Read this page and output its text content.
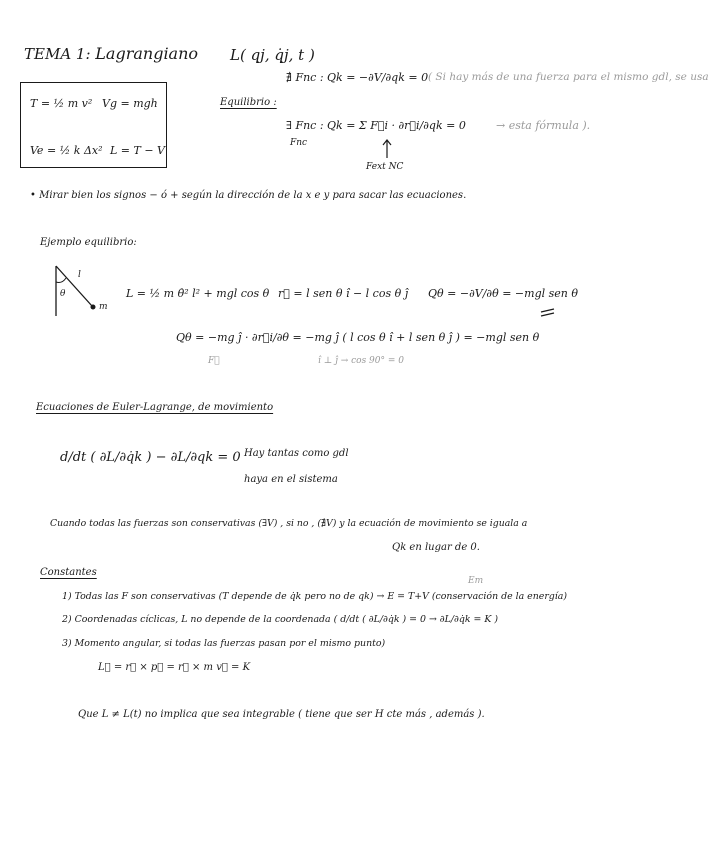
TEMA 1: Lagrangiano L( qj, q̇j, t )
T = ½ m v² Vg = mgh
Ve = ½ k Δx² L = T − V
Equilibrio :
∄ Fnc : Qk = −∂V/∂qk = 0 ( Si hay más de una fuerza para el mismo gdl, se usa
→ esta fórmula ).
∃ Fnc : Qk = Σ F⃗i · ∂r⃗i/∂qk = 0
Fnc
Fext NC
• Mirar bien los signos − ó + según la dirección de la x e y para sacar las ecuaciones.
Ejemplo equilibrio:
l
θ
m
L = ½ m θ̇² l² + mgl cos θ r⃗ = l sen θ î − l cos θ ĵ Qθ = −∂V/∂θ = −mgl sen θ
Qθ = −mg ĵ · ∂r⃗i/∂θ = −mg ĵ ( l cos θ î + l sen θ ĵ ) = −mgl sen θ
F⃗	î ⊥ ĵ → cos 90° = 0
Ecuaciones de Euler-Lagrange, de movimiento
d/dt ( ∂L/∂q̇k ) − ∂L/∂qk = 0 Hay tantas como gdl
haya en el sistema
Cuando todas las fuerzas son conservativas (∃V) , si no , (∄V) y la ecuación de movimiento se iguala a
Qk en lugar de 0.
Constantes
Em
1) Todas las F son conservativas (T depende de q̇k pero no de qk) → E = T+V (conservación de la energía)
2) Coordenadas cíclicas, L no depende de la coordenada ( d/dt ( ∂L/∂q̇k ) = 0 → ∂L/∂q̇k = K )
3) Momento angular, si todas las fuerzas pasan por el mismo punto)
L⃗ = r⃗ × p⃗ = r⃗ × m v⃗ = K
Que L ≠ L(t) no implica que sea integrable ( tiene que ser H cte más , además ).
